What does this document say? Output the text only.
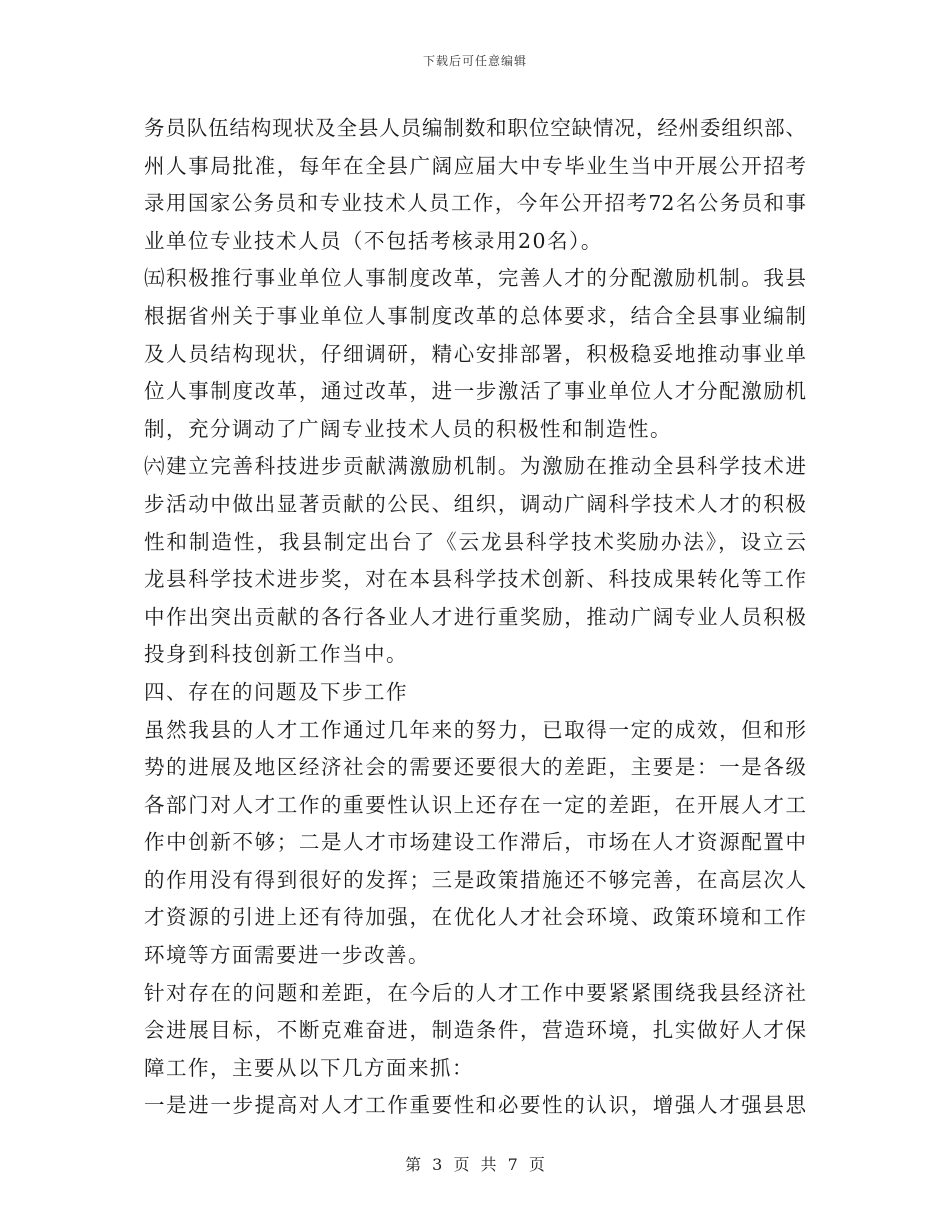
下载后可任意编辑
务员队伍结构现状及全县人员编制数和职位空缺情况，经州委组织部、
州人事局批准，每年在全县广阔应届大中专毕业生当中开展公开招考
录用国家公务员和专业技术人员工作，今年公开招考72名公务员和事
业单位专业技术人员（不包括考核录用20名）。
㈤积极推行事业单位人事制度改革，完善人才的分配激励机制。我县
根据省州关于事业单位人事制度改革的总体要求，结合全县事业编制
及人员结构现状，仔细调研，精心安排部署，积极稳妥地推动事业单
位人事制度改革，通过改革，进一步激活了事业单位人才分配激励机
制，充分调动了广阔专业技术人员的积极性和制造性。
㈥建立完善科技进步贡献满激励机制。为激励在推动全县科学技术进
步活动中做出显著贡献的公民、组织，调动广阔科学技术人才的积极
性和制造性，我县制定出台了《云龙县科学技术奖励办法》，设立云
龙县科学技术进步奖，对在本县科学技术创新、科技成果转化等工作
中作出突出贡献的各行各业人才进行重奖励，推动广阔专业人员积极
投身到科技创新工作当中。
四、存在的问题及下步工作
虽然我县的人才工作通过几年来的努力，已取得一定的成效，但和形
势的进展及地区经济社会的需要还要很大的差距，主要是：一是各级
各部门对人才工作的重要性认识上还存在一定的差距，在开展人才工
作中创新不够；二是人才市场建设工作滞后，市场在人才资源配置中
的作用没有得到很好的发挥；三是政策措施还不够完善，在高层次人
才资源的引进上还有待加强，在优化人才社会环境、政策环境和工作
环境等方面需要进一步改善。
针对存在的问题和差距，在今后的人才工作中要紧紧围绕我县经济社
会进展目标，不断克难奋进，制造条件，营造环境，扎实做好人才保
障工作，主要从以下几方面来抓：
一是进一步提高对人才工作重要性和必要性的认识，增强人才强县思
第 3 页 共 7 页
